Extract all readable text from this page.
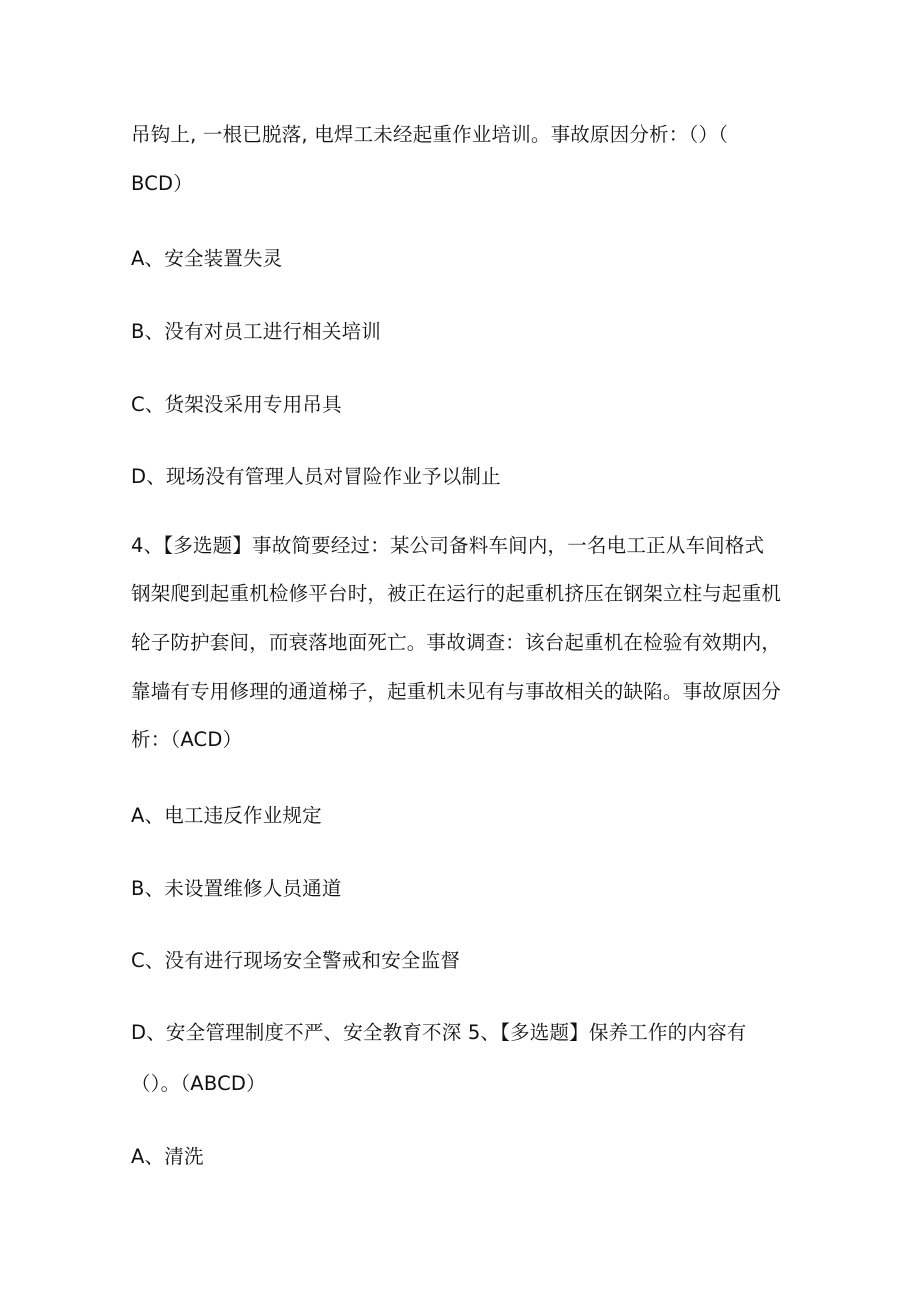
吊钩上, 一根已脱落, 电焊工未经起重作业培训。事故原因分析：（）（
BCD）
A、安全装置失灵
B、没有对员工进行相关培训
C、货架没采用专用吊具
D、现场没有管理人员对冒险作业予以制止
4、【多选题】事故简要经过：某公司备料车间内，一名电工正从车间格式
钢架爬到起重机检修平台时，被正在运行的起重机挤压在钢架立柱与起重机
轮子防护套间，而衰落地面死亡。事故调查：该台起重机在检验有效期内，
靠墙有专用修理的通道梯子，起重机未见有与事故相关的缺陷。事故原因分
析：（ACD）
A、电工违反作业规定
B、未设置维修人员通道
C、没有进行现场安全警戒和安全监督
D、安全管理制度不严、安全教育不深 5、【多选题】保养工作的内容有
（）。（ABCD）
A、清洗
